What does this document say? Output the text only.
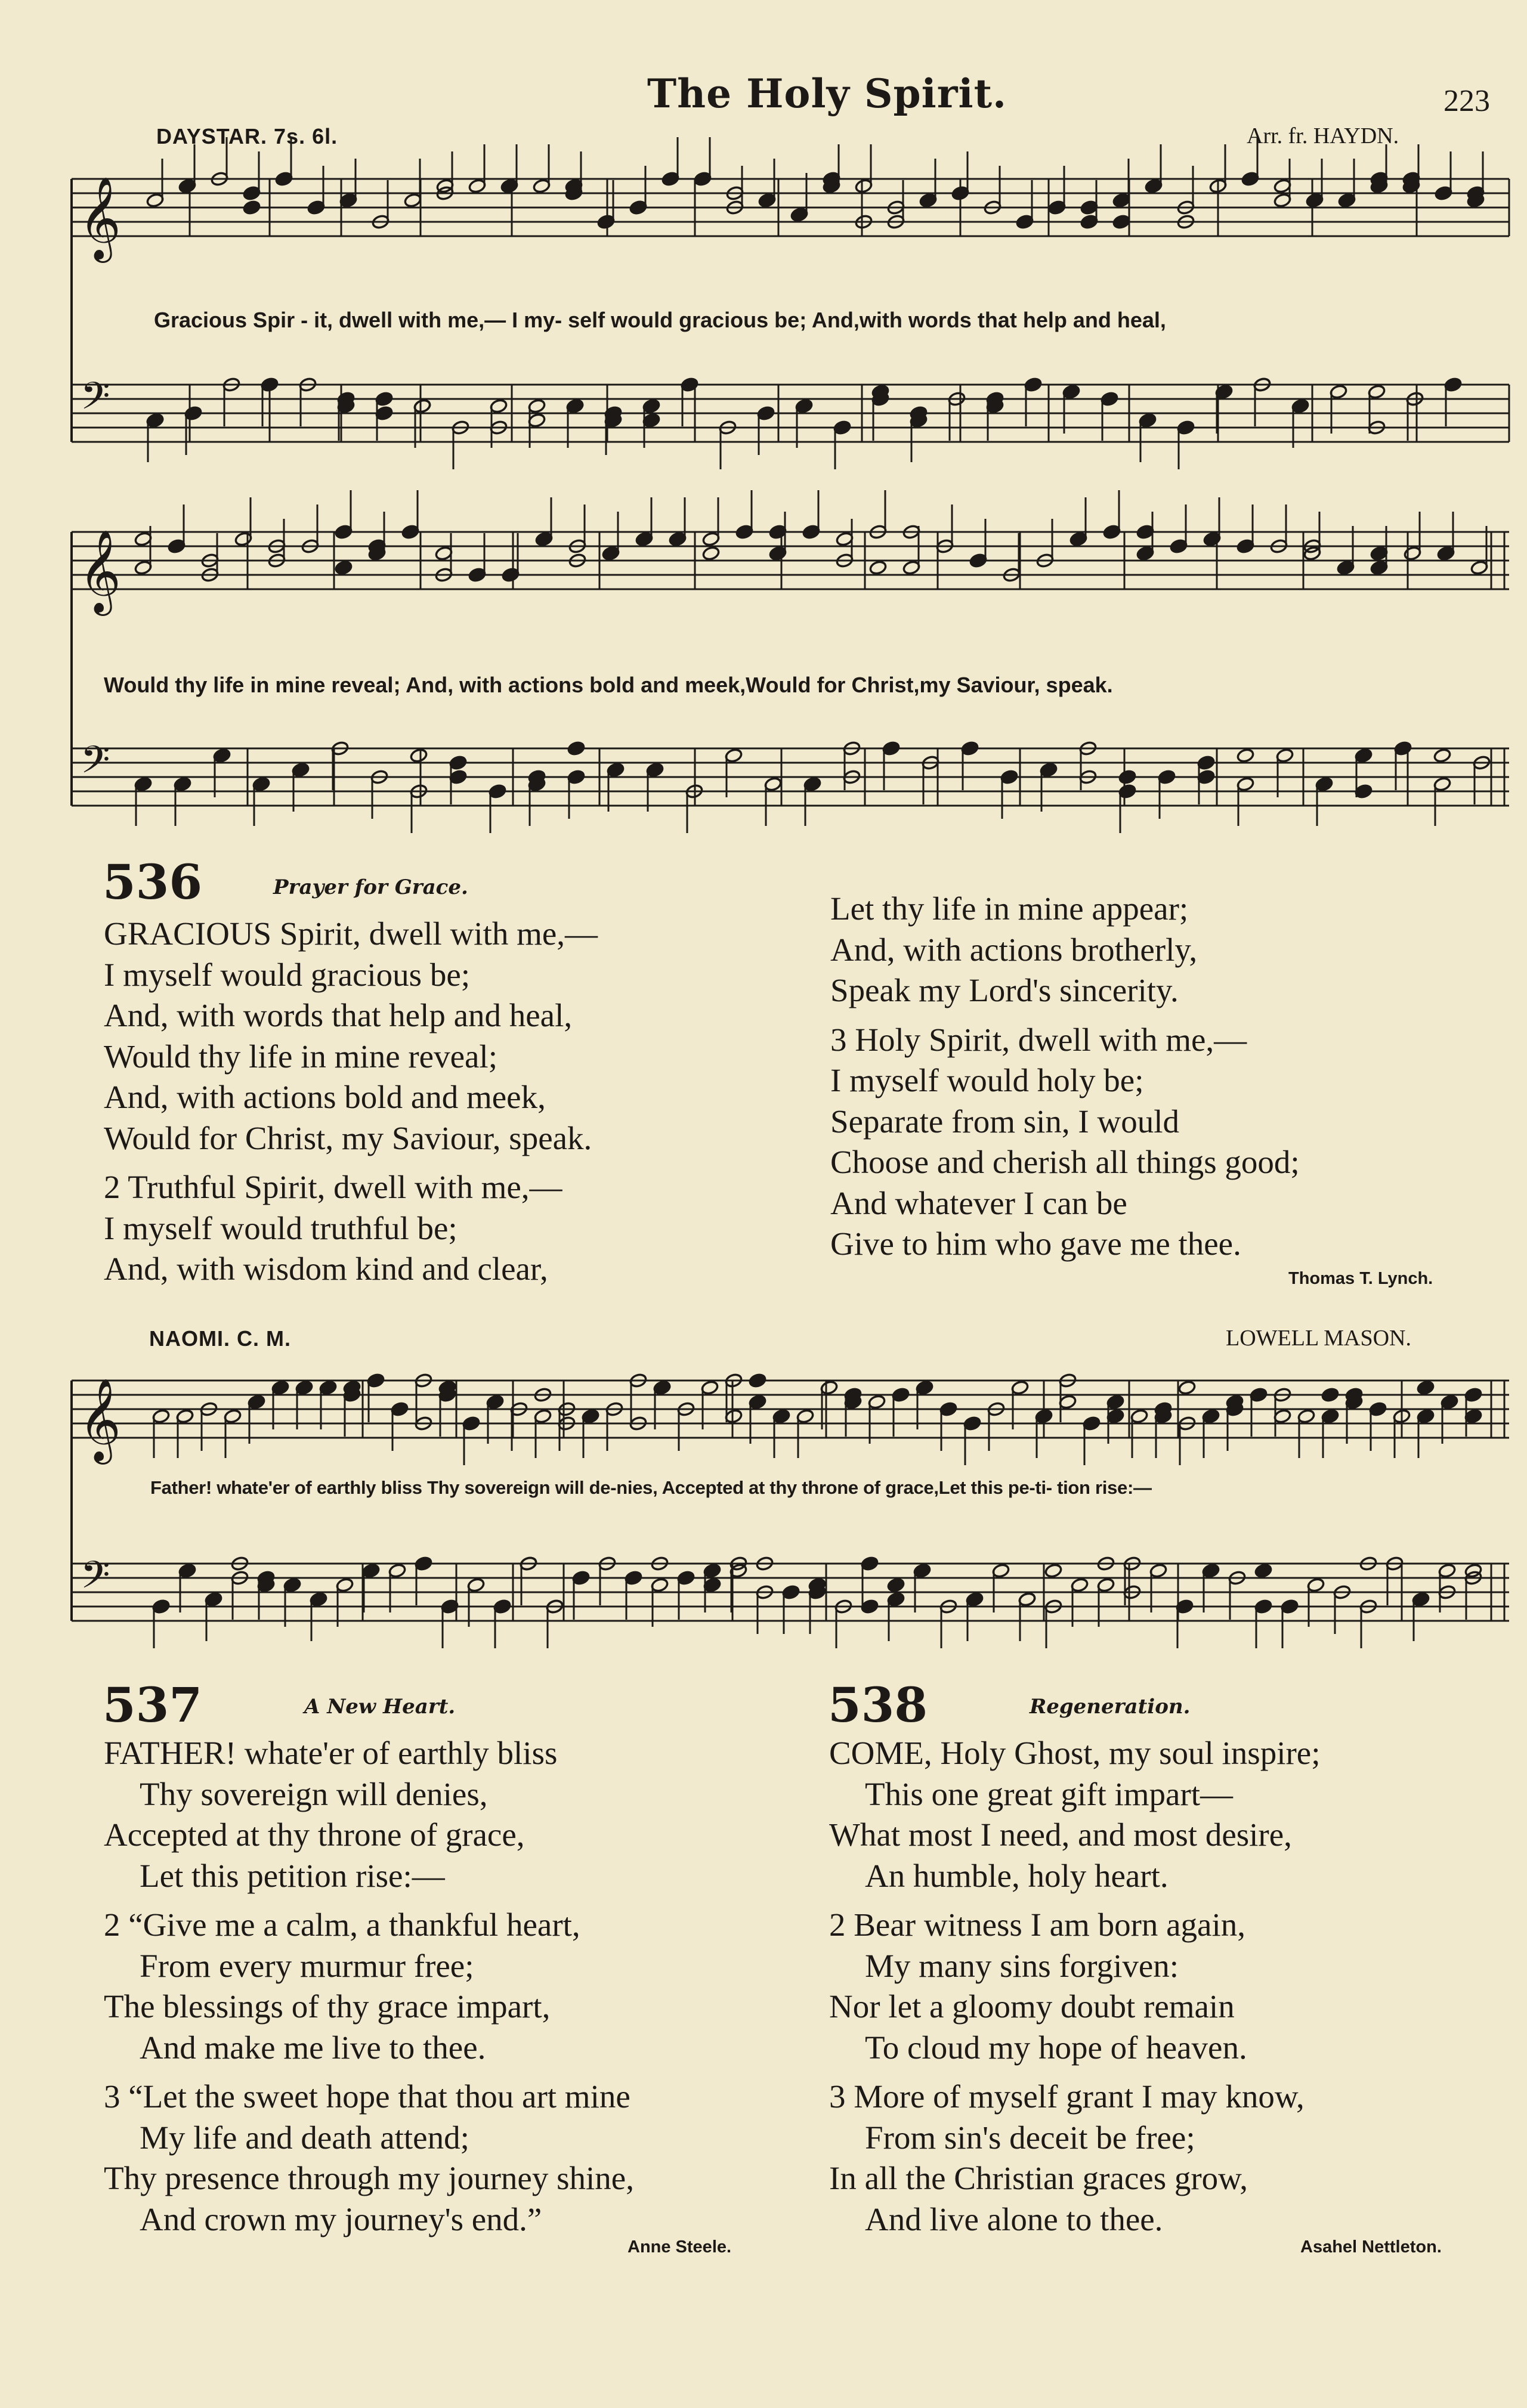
The Holy Spirit.	223
DAYSTAR. 7s. 6l.	Arr. fr. HAYDN.
𝄞
𝄢
𝄞
𝄢
𝄞
𝄢
Gracious Spir - it, dwell with me,— I my- self would gracious be; And,with words that help and heal,
Would thy life in mine reveal; And, with actions bold and meek,Would for Christ,my Saviour, speak.
536	Prayer for Grace.
GRACIOUS Spirit, dwell with me,—
I myself would gracious be;
And, with words that help and heal,
Would thy life in mine reveal;
And, with actions bold and meek,
Would for Christ, my Saviour, speak.
2 Truthful Spirit, dwell with me,—
I myself would truthful be;
And, with wisdom kind and clear,
Let thy life in mine appear;
And, with actions brotherly,
Speak my Lord's sincerity.
3 Holy Spirit, dwell with me,—
I myself would holy be;
Separate from sin, I would
Choose and cherish all things good;
And whatever I can be
Give to him who gave me thee.
Thomas T. Lynch.
NAOMI. C. M.	LOWELL MASON.
Father! whate'er of earthly bliss Thy sovereign will de-nies, Accepted at thy throne of grace,Let this pe-ti- tion rise:—
537	A New Heart.
FATHER! whate'er of earthly bliss
Thy sovereign will denies,
Accepted at thy throne of grace,
Let this petition rise:—
2 “Give me a calm, a thankful heart,
From every murmur free;
The blessings of thy grace impart,
And make me live to thee.
3 “Let the sweet hope that thou art mine
My life and death attend;
Thy presence through my journey shine,
And crown my journey's end.”
Anne Steele.
538	Regeneration.
COME, Holy Ghost, my soul inspire;
This one great gift impart—
What most I need, and most desire,
An humble, holy heart.
2 Bear witness I am born again,
My many sins forgiven:
Nor let a gloomy doubt remain
To cloud my hope of heaven.
3 More of myself grant I may know,
From sin's deceit be free;
In all the Christian graces grow,
And live alone to thee.
Asahel Nettleton.
